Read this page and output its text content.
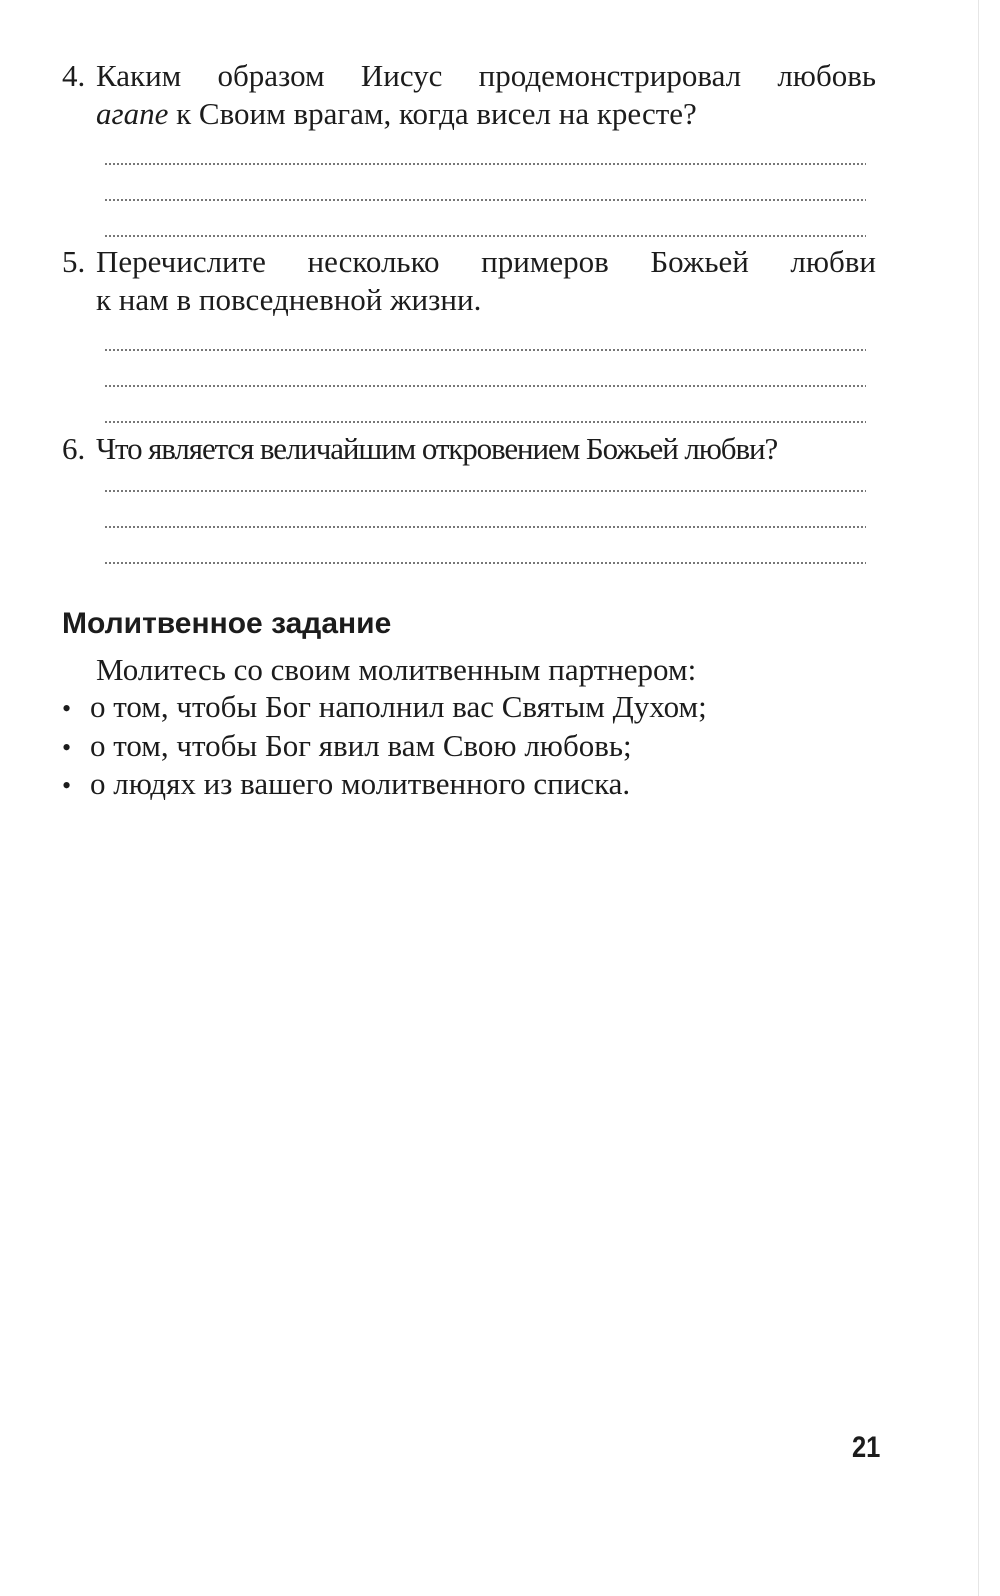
4. Каким образом Иисус продемонстрировал любовь
агапе к Своим врагам, когда висел на кресте?
5. Перечислите несколько примеров Божьей любви
к нам в повседневной жизни.
6. Что является величайшим откровением Божьей любви?
Молитвенное задание
Молитесь со своим молитвенным партнером:
• о том, чтобы Бог наполнил вас Святым Духом;
• о том, чтобы Бог явил вам Свою любовь;
• о людях из вашего молитвенного списка.
21
